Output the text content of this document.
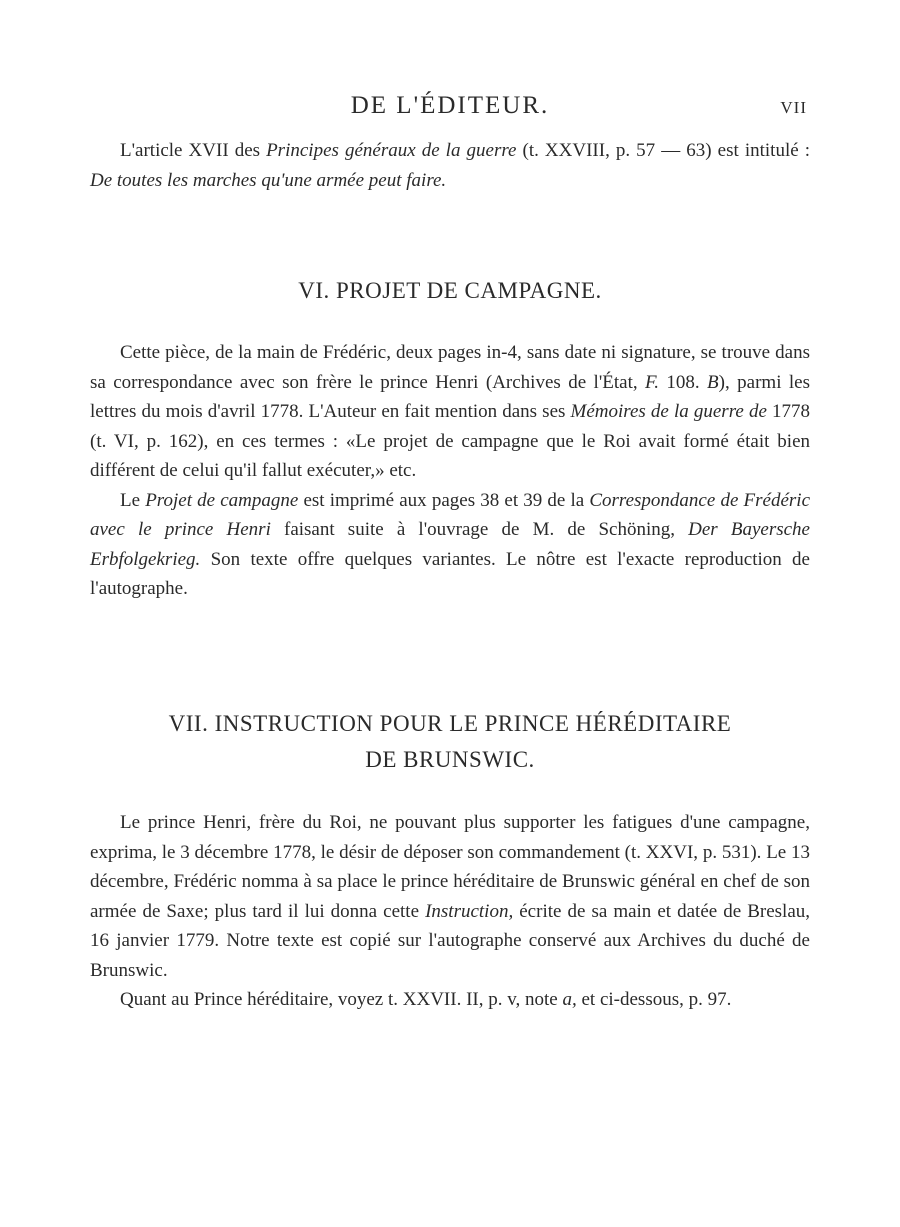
DE L'ÉDITEUR.	VII

L'article XVII des Principes généraux de la guerre (t. XXVIII, p. 57 — 63) est intitulé : De toutes les marches qu'une armée peut faire.

VI. PROJET DE CAMPAGNE.

Cette pièce, de la main de Frédéric, deux pages in-4, sans date ni signature, se trouve dans sa correspondance avec son frère le prince Henri (Archives de l'État, F. 108. B), parmi les lettres du mois d'avril 1778. L'Auteur en fait mention dans ses Mémoires de la guerre de 1778 (t. VI, p. 162), en ces termes : «Le projet de campagne que le Roi avait formé était bien différent de celui qu'il fallut exécuter,» etc.

Le Projet de campagne est imprimé aux pages 38 et 39 de la Correspondance de Frédéric avec le prince Henri faisant suite à l'ouvrage de M. de Schöning, Der Bayersche Erbfolgekrieg. Son texte offre quelques variantes. Le nôtre est l'exacte reproduction de l'autographe.

VII. INSTRUCTION POUR LE PRINCE HÉRÉDITAIRE
DE BRUNSWIC.

Le prince Henri, frère du Roi, ne pouvant plus supporter les fatigues d'une campagne, exprima, le 3 décembre 1778, le désir de déposer son commandement (t. XXVI, p. 531). Le 13 décembre, Frédéric nomma à sa place le prince héréditaire de Brunswic général en chef de son armée de Saxe; plus tard il lui donna cette Instruction, écrite de sa main et datée de Breslau, 16 janvier 1779. Notre texte est copié sur l'autographe conservé aux Archives du duché de Brunswic.

Quant au Prince héréditaire, voyez t. XXVII. II, p. v, note a, et ci-dessous, p. 97.
